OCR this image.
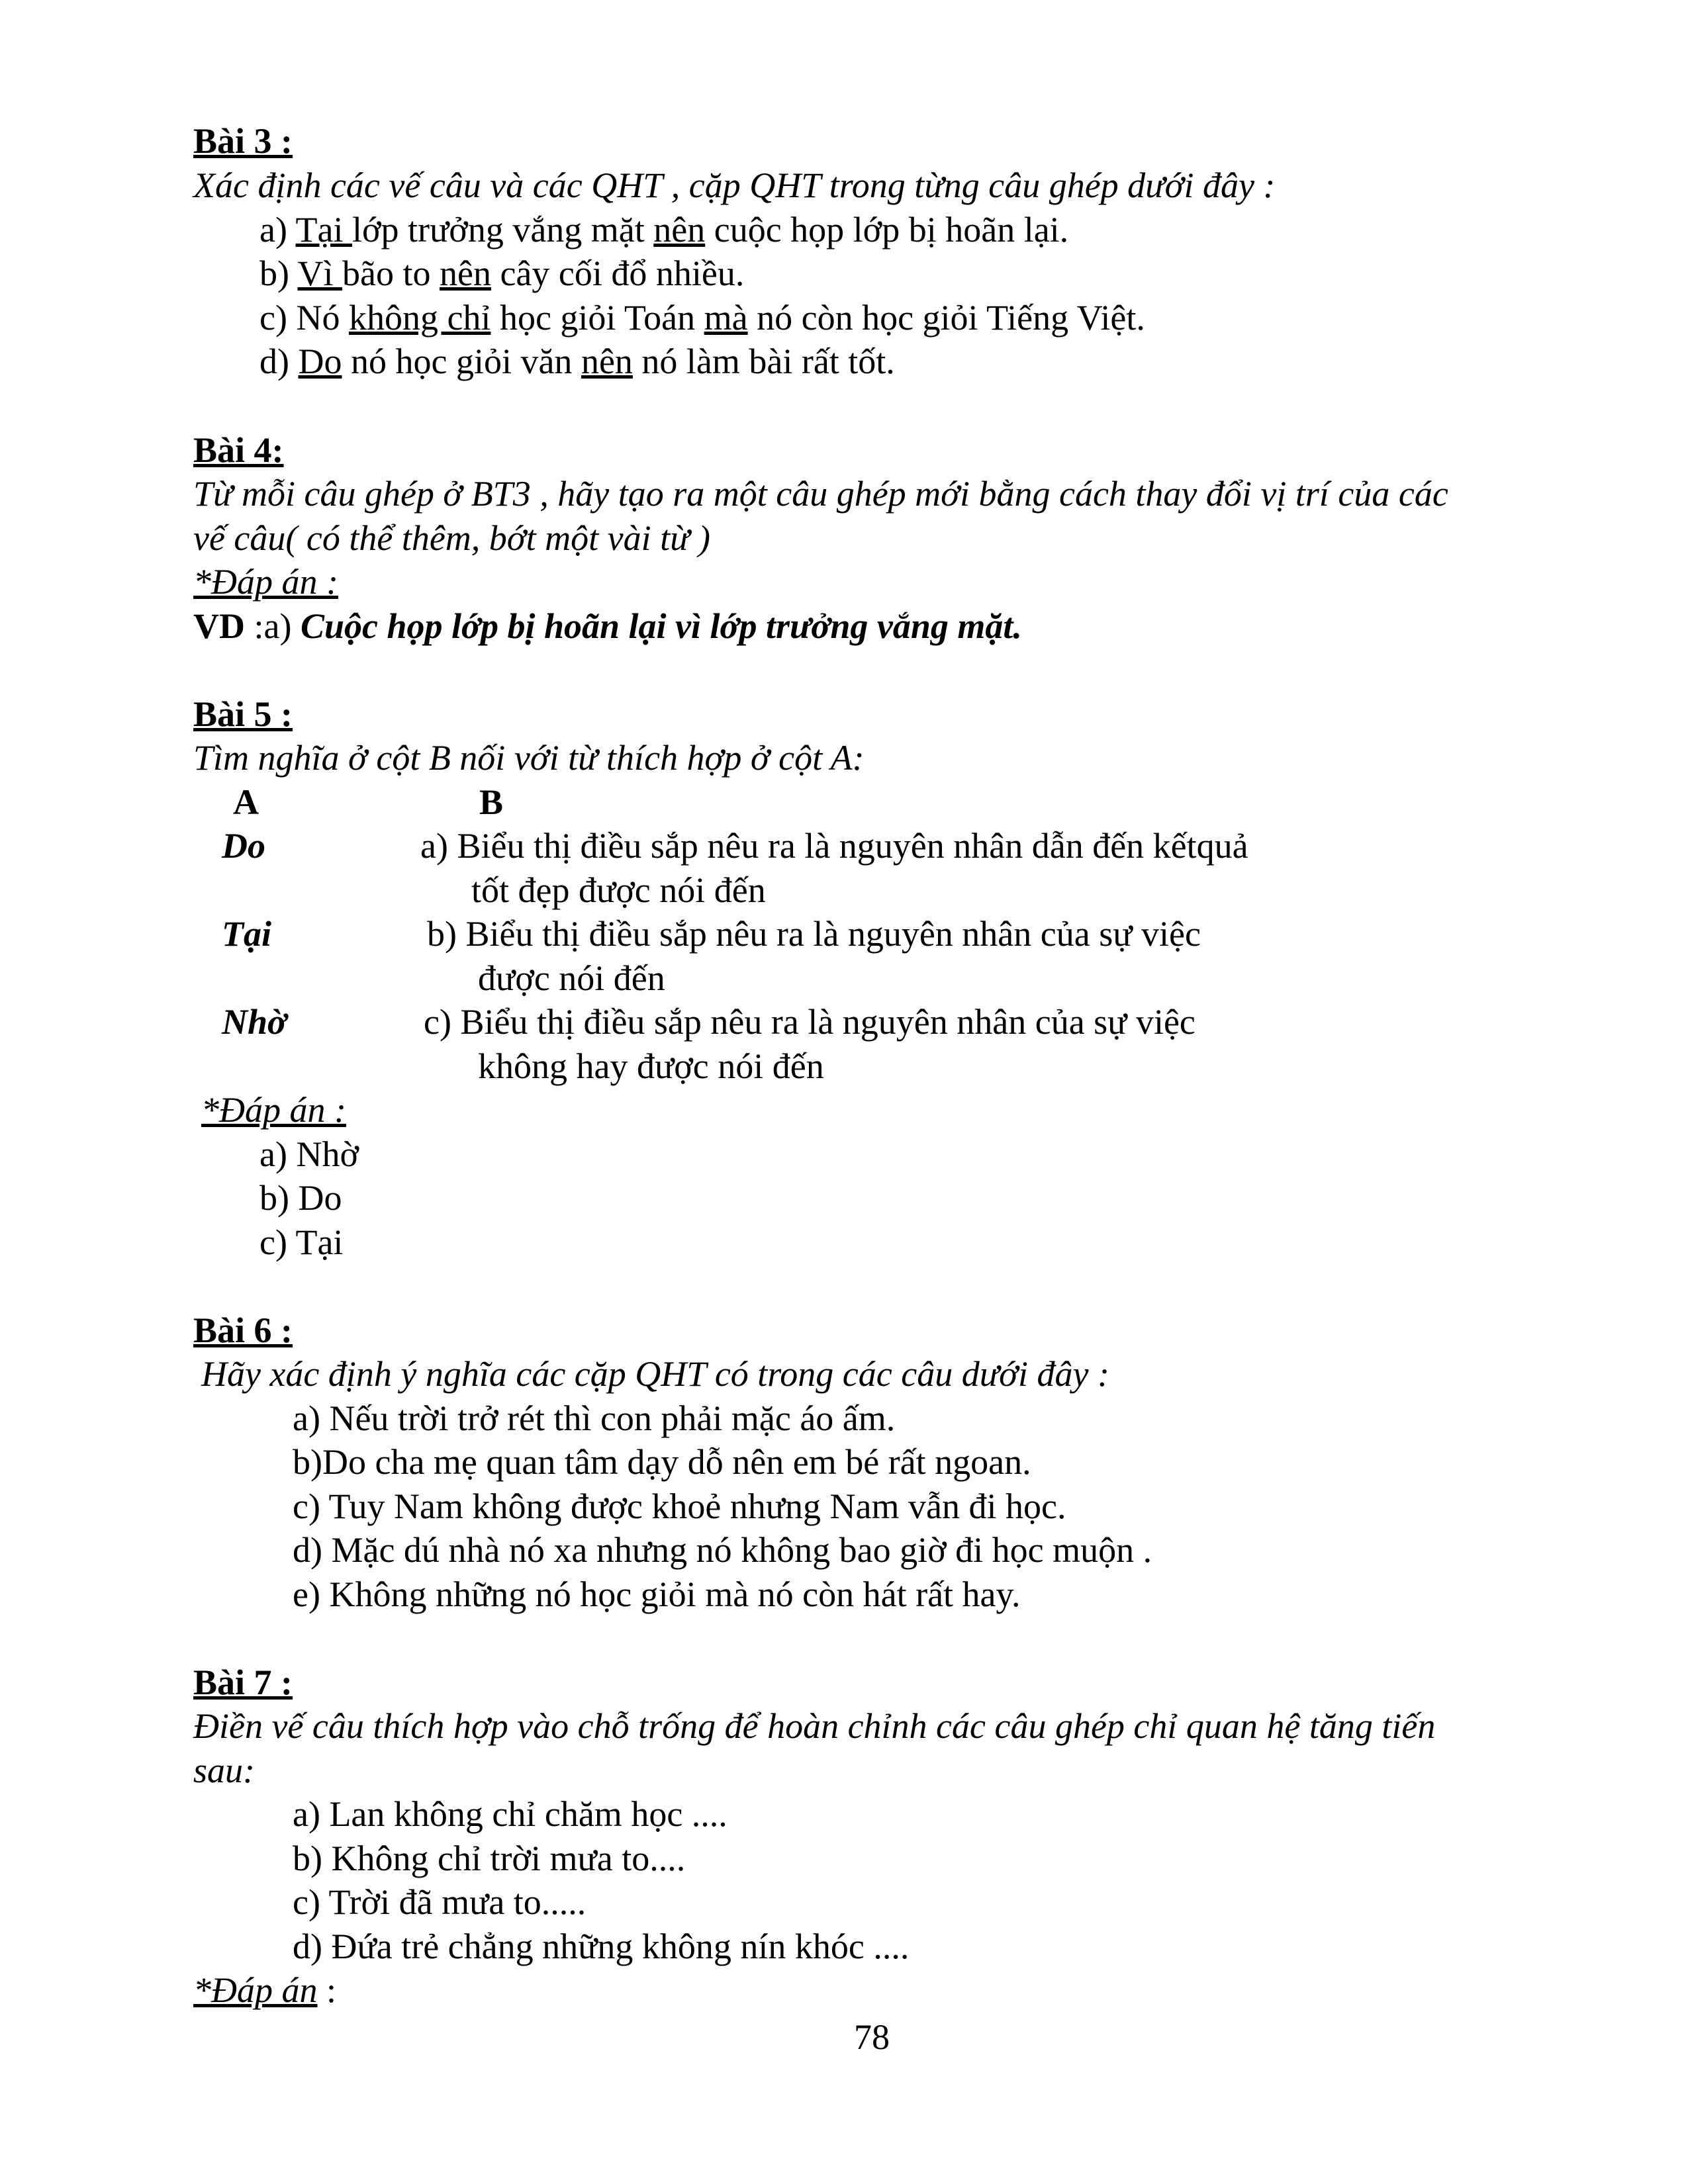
Bài 3 :
Xác định các vế câu và các QHT , cặp QHT trong từng câu ghép dưới đây :
a) Tại lớp trưởng vắng mặt nên cuộc họp lớp bị hoãn lại.
b) Vì bão to nên cây cối đổ nhiều.
c) Nó không chỉ học giỏi Toán mà nó còn học giỏi Tiếng Việt.
d) Do nó học giỏi văn nên nó làm bài rất tốt.
Bài 4:
Từ mỗi câu ghép ở BT3 , hãy tạo ra một câu ghép mới bằng cách thay đổi vị trí của các
vế câu( có thể thêm, bớt một vài từ )
*Đáp án :
VD :a) Cuộc họp lớp bị hoãn lại vì lớp trưởng vắng mặt.
Bài 5 :
Tìm nghĩa ở cột B nối với từ thích hợp ở cột A:
A	B
Do	a) Biểu thị điều sắp nêu ra là nguyên nhân dẫn đến kếtquả
tốt đẹp được nói đến
Tại	b) Biểu thị điều sắp nêu ra là nguyên nhân của sự việc
được nói đến
Nhờ	c) Biểu thị điều sắp nêu ra là nguyên nhân của sự việc
không hay được nói đến
*Đáp án :
a) Nhờ
b) Do
c) Tại
Bài 6 :
Hãy xác định ý nghĩa các cặp QHT có trong các câu dưới đây :
a) Nếu trời trở rét thì con phải mặc áo ấm.
b)Do cha mẹ quan tâm dạy dỗ nên em bé rất ngoan.
c) Tuy Nam không được khoẻ nhưng Nam vẫn đi học.
d) Mặc dú nhà nó xa nhưng nó không bao giờ đi học muộn .
e) Không những nó học giỏi mà nó còn hát rất hay.
Bài 7 :
Điền vế câu thích hợp vào chỗ trống để hoàn chỉnh các câu ghép chỉ quan hệ tăng tiến
sau:
a) Lan không chỉ chăm học ....
b) Không chỉ trời mưa to....
c) Trời đã mưa to.....
d) Đứa trẻ chẳng những không nín khóc ....
*Đáp án :
78
